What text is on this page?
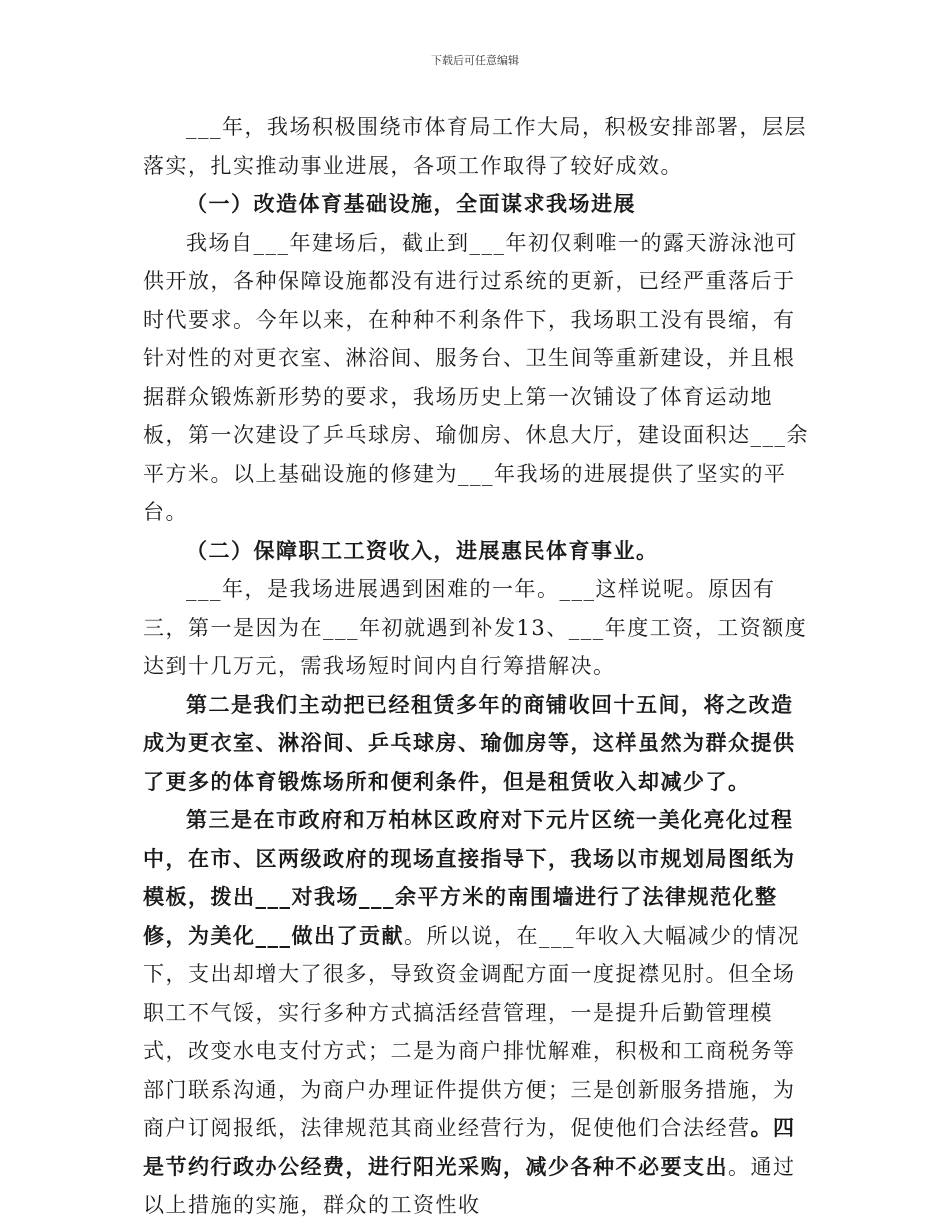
下载后可任意编辑

___年，我场积极围绕市体育局工作大局，积极安排部署，层层落实，扎实推动事业进展，各项工作取得了较好成效。

（一）改造体育基础设施，全面谋求我场进展

我场自___年建场后，截止到___年初仅剩唯一的露天游泳池可供开放，各种保障设施都没有进行过系统的更新，已经严重落后于时代要求。今年以来，在种种不利条件下，我场职工没有畏缩，有针对性的对更衣室、淋浴间、服务台、卫生间等重新建设，并且根据群众锻炼新形势的要求，我场历史上第一次铺设了体育运动地板，第一次建设了乒乓球房、瑜伽房、休息大厅，建设面积达___余平方米。以上基础设施的修建为___年我场的进展提供了坚实的平台。

（二）保障职工工资收入，进展惠民体育事业。

___年，是我场进展遇到困难的一年。___这样说呢。原因有三，第一是因为在___年初就遇到补发13、___年度工资，工资额度达到十几万元，需我场短时间内自行筹措解决。

第二是我们主动把已经租赁多年的商铺收回十五间，将之改造成为更衣室、淋浴间、乒乓球房、瑜伽房等，这样虽然为群众提供了更多的体育锻炼场所和便利条件，但是租赁收入却减少了。

第三是在市政府和万柏林区政府对下元片区统一美化亮化过程中，在市、区两级政府的现场直接指导下，我场以市规划局图纸为模板，拨出___对我场___余平方米的南围墙进行了法律规范化整修，为美化___做出了贡献。所以说，在___年收入大幅减少的情况下，支出却增大了很多，导致资金调配方面一度捉襟见肘。但全场职工不气馁，实行多种方式搞活经营管理，一是提升后勤管理模式，改变水电支付方式；二是为商户排忧解难，积极和工商税务等部门联系沟通，为商户办理证件提供方便；三是创新服务措施，为商户订阅报纸，法律规范其商业经营行为，促使他们合法经营。四是节约行政办公经费，进行阳光采购，减少各种不必要支出。通过以上措施的实施，群众的工资性收
